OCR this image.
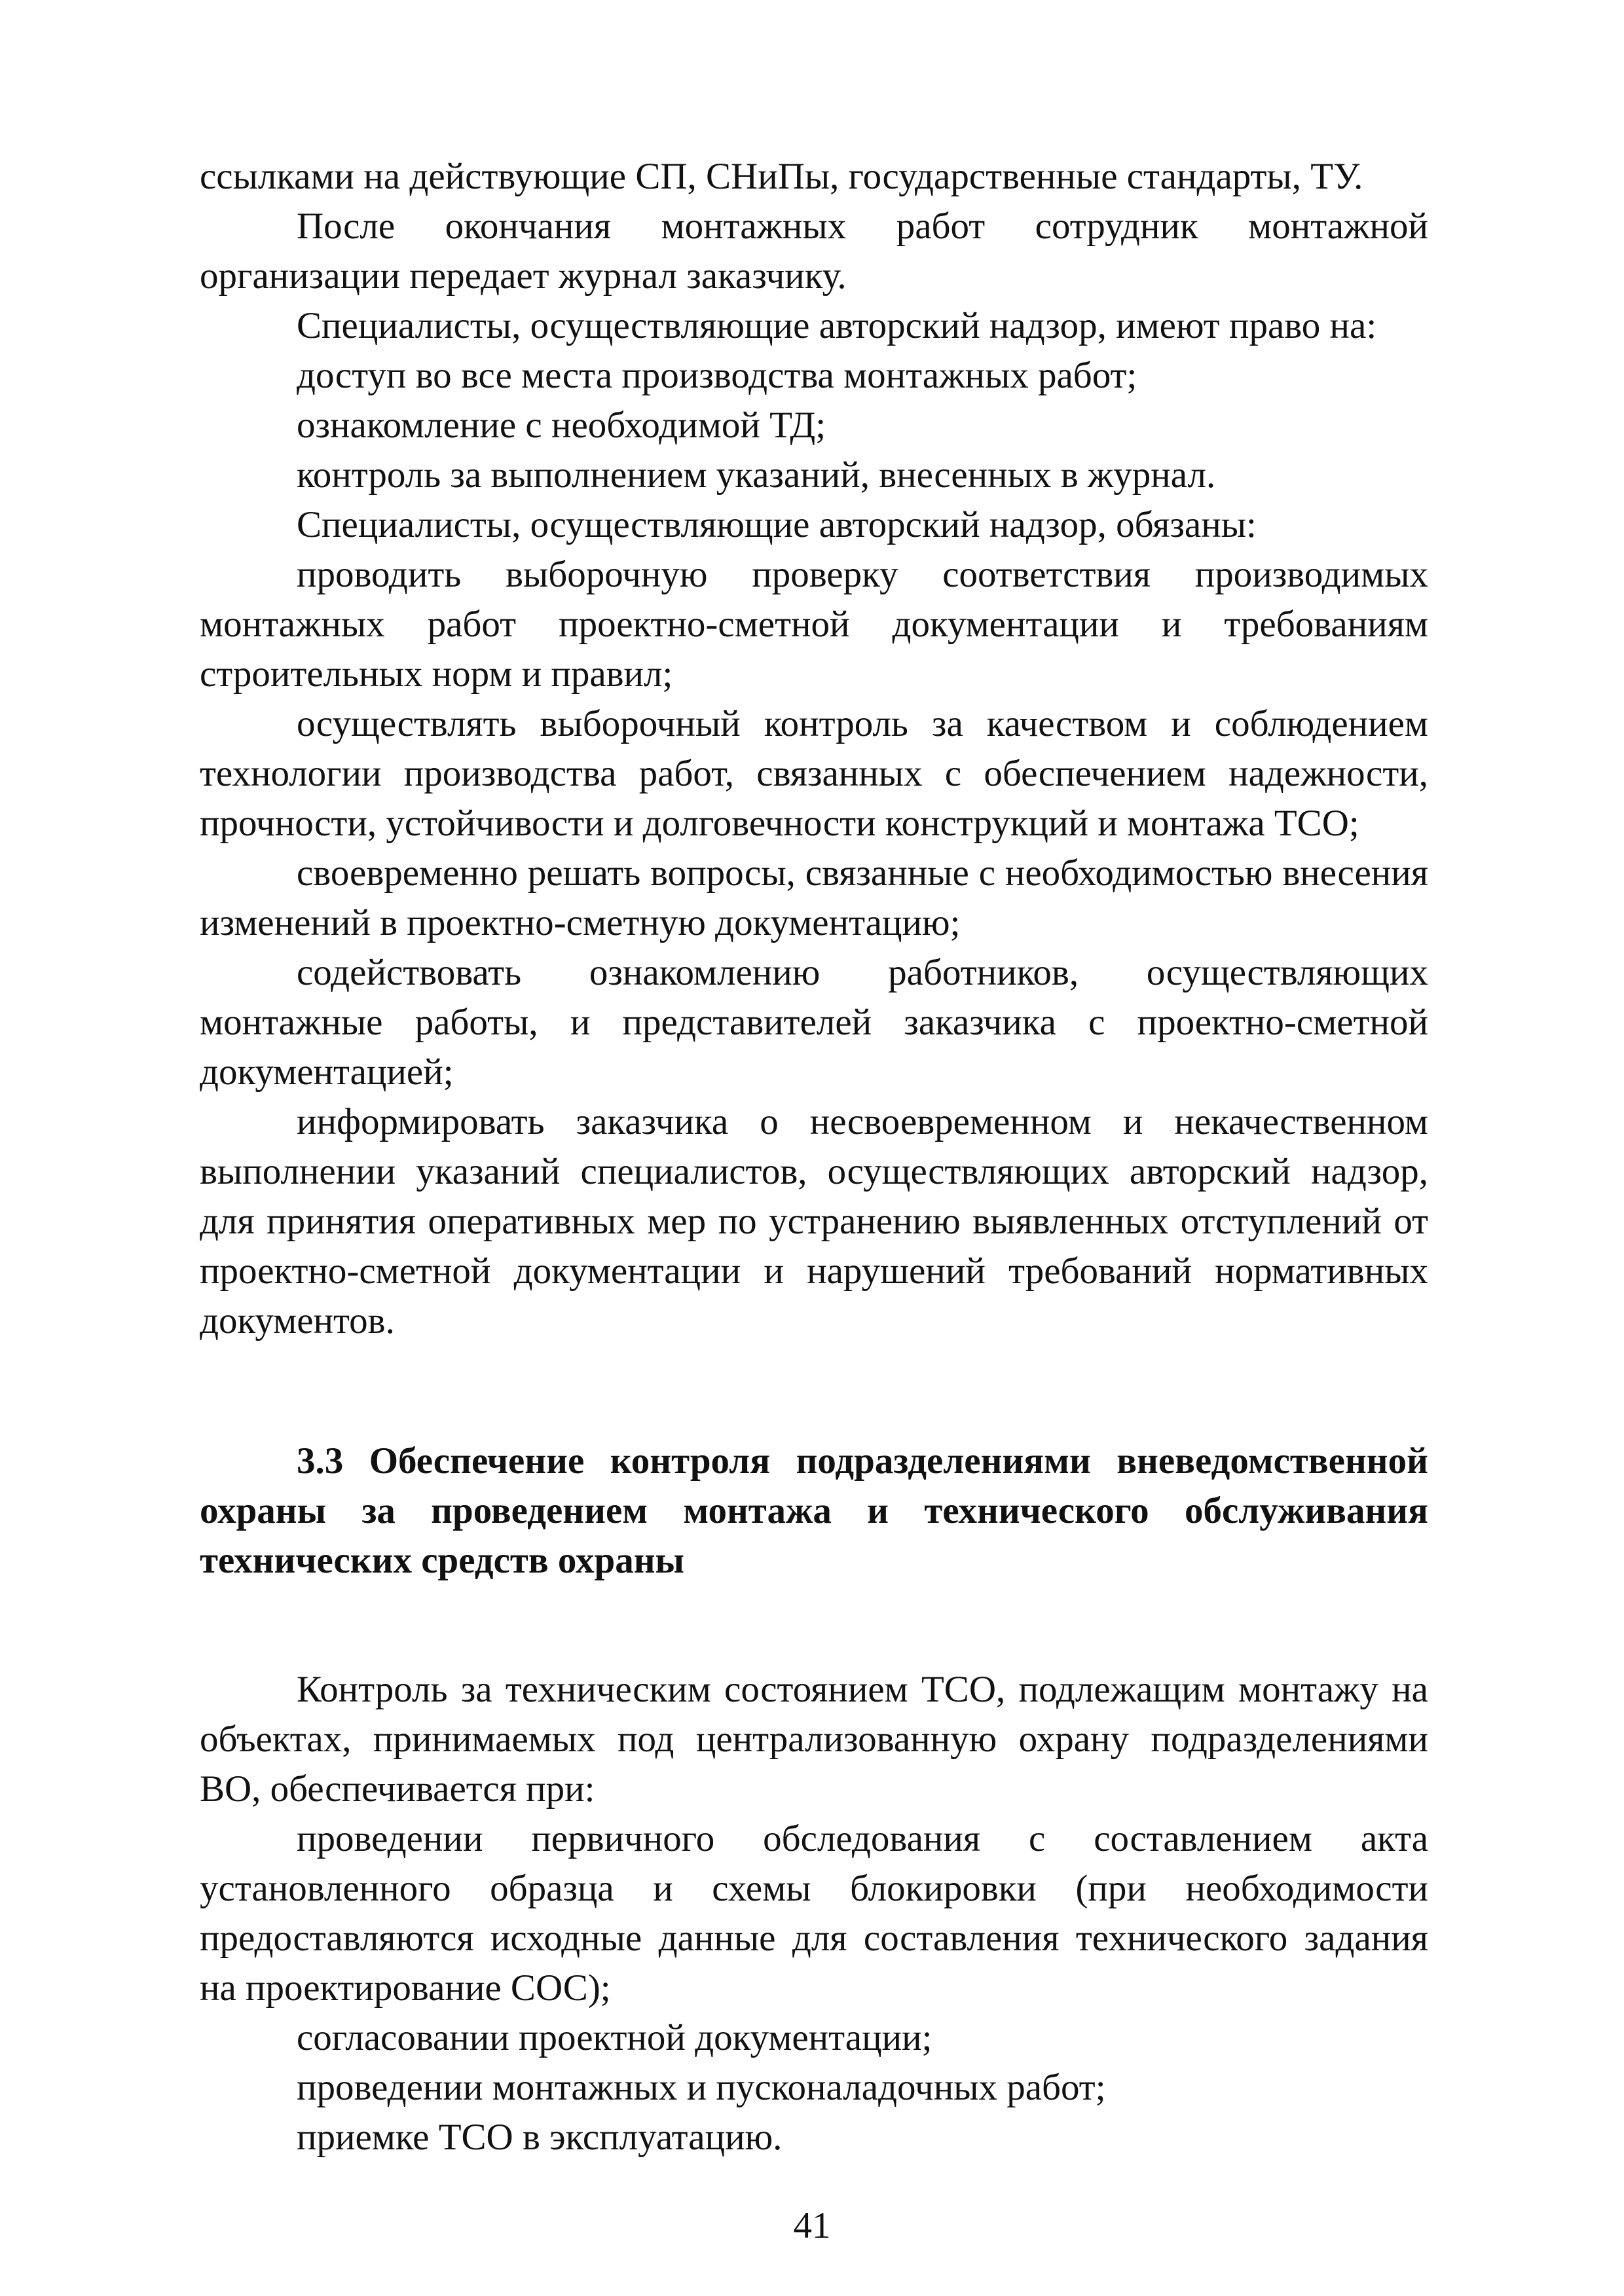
ссылками на действующие СП, СНиПы, государственные стандарты, ТУ.

После окончания монтажных работ сотрудник монтажной организации передает журнал заказчику.

Специалисты, осуществляющие авторский надзор, имеют право на:

доступ во все места производства монтажных работ;

ознакомление с необходимой ТД;

контроль за выполнением указаний, внесенных в журнал.

Специалисты, осуществляющие авторский надзор, обязаны:

проводить выборочную проверку соответствия производимых монтажных работ проектно-сметной документации и требованиям строительных норм и правил;

осуществлять выборочный контроль за качеством и соблюдением технологии производства работ, связанных с обеспечением надежности, прочности, устойчивости и долговечности конструкций и монтажа ТСО;

своевременно решать вопросы, связанные с необходимостью внесения изменений в проектно-сметную документацию;

содействовать ознакомлению работников, осуществляющих монтажные работы, и представителей заказчика с проектно-сметной документацией;

информировать заказчика о несвоевременном и некачественном выполнении указаний специалистов, осуществляющих авторский надзор, для принятия оперативных мер по устранению выявленных отступлений от проектно-сметной документации и нарушений требований нормативных документов.

3.3 Обеспечение контроля подразделениями вневедомственной охраны за проведением монтажа и технического обслуживания технических средств охраны

Контроль за техническим состоянием ТСО, подлежащим монтажу на объектах, принимаемых под централизованную охрану подразделениями ВО, обеспечивается при:

проведении первичного обследования с составлением акта установленного образца и схемы блокировки (при необходимости предоставляются исходные данные для составления технического задания на проектирование СОС);

согласовании проектной документации;

проведении монтажных и пусконаладочных работ;

приемке ТСО в эксплуатацию.

41
